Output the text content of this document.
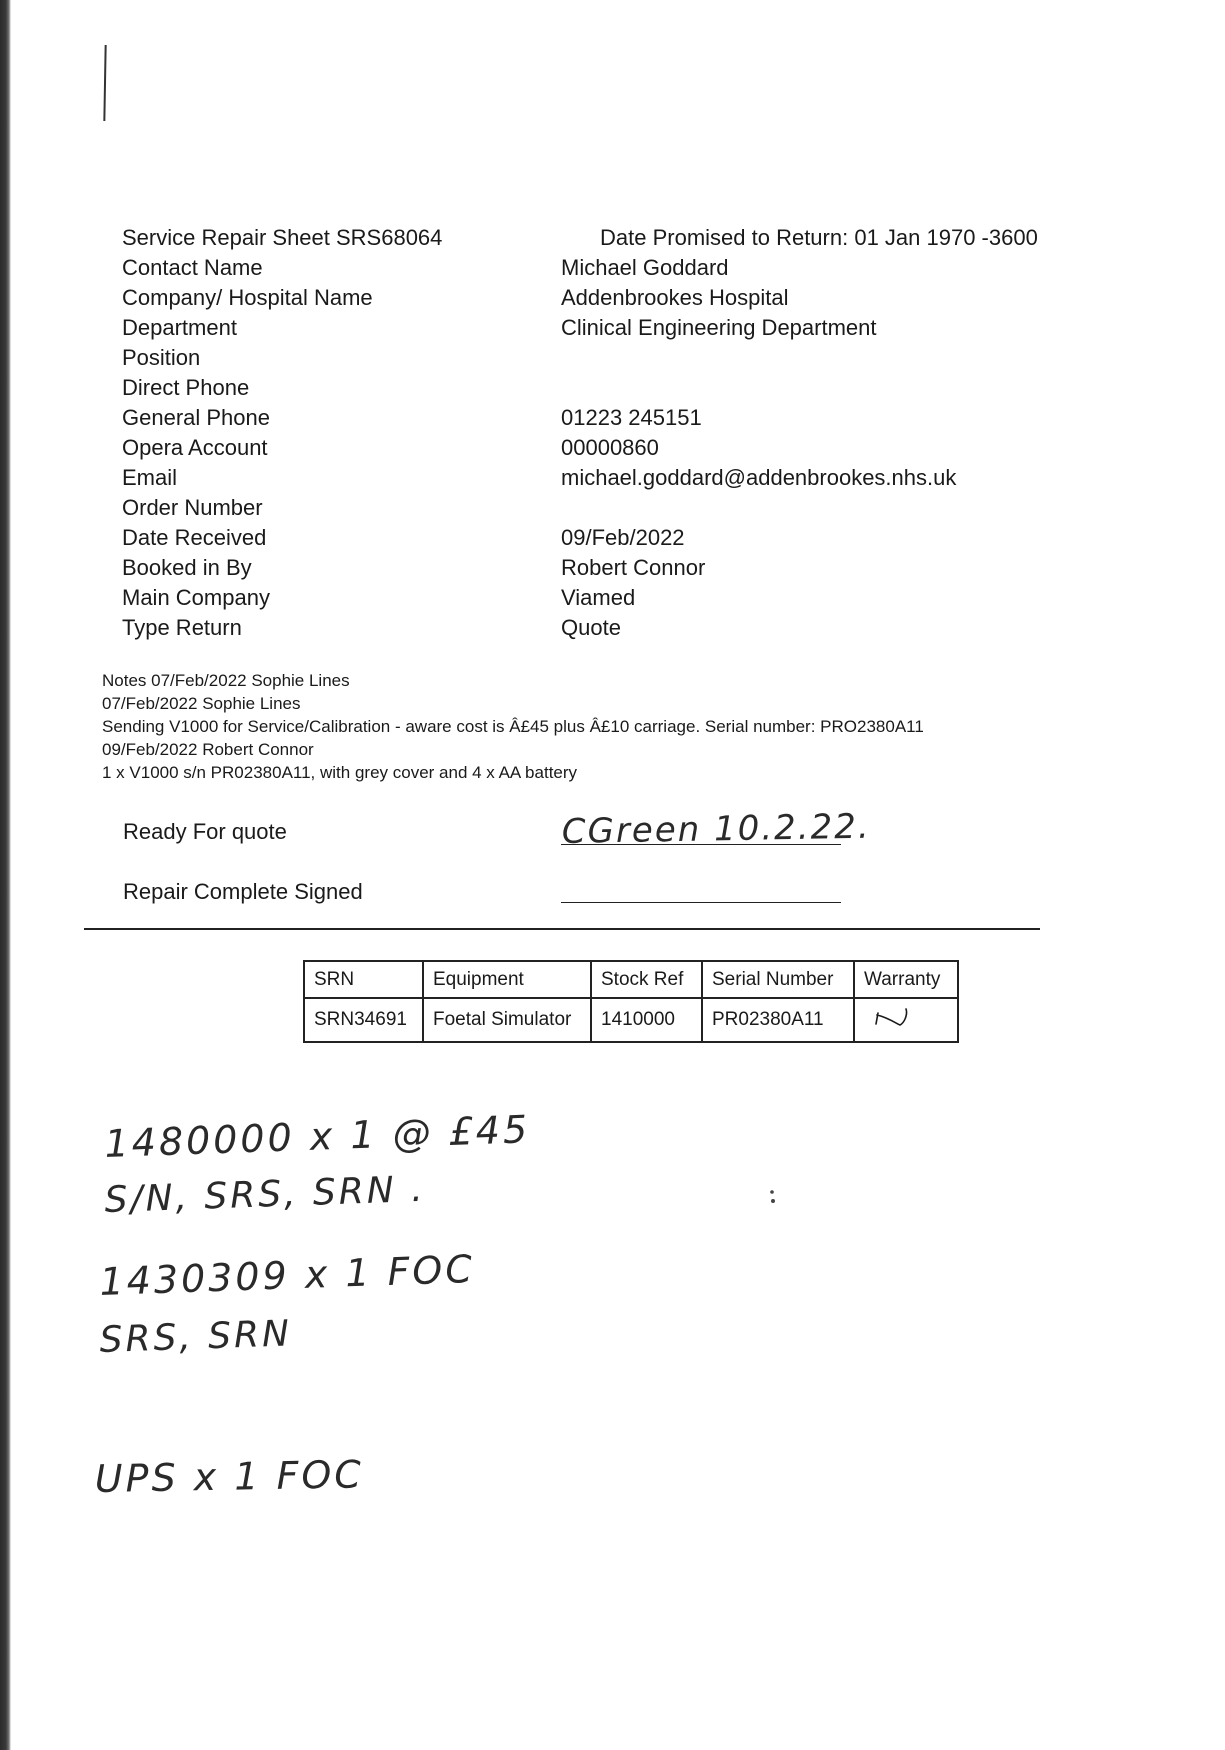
Service Repair Sheet SRS68064	Date Promised to Return: 01 Jan 1970 -3600
Contact Name	Michael Goddard
Company/ Hospital Name	Addenbrookes Hospital
Department	Clinical Engineering Department
Position
Direct Phone
General Phone	01223 245151
Opera Account	00000860
Email	michael.goddard@addenbrookes.nhs.uk
Order Number
Date Received	09/Feb/2022
Booked in By	Robert Connor
Main Company	Viamed
Type Return	Quote
Notes 07/Feb/2022 Sophie Lines
07/Feb/2022 Sophie Lines
Sending V1000 for Service/Calibration - aware cost is Â£45 plus Â£10 carriage. Serial number: PRO2380A11
09/Feb/2022 Robert Connor
1 x V1000 s/n PR02380A11, with grey cover and 4 x AA battery
Ready For quote
Repair Complete Signed
SRN	Equipment	Stock Ref	Serial Number	Warranty
SRN34691	Foetal Simulator	1410000	PR02380A11	
CGreen 10.2.22.
1480000 x 1 @ £45
S/N, SRS, SRN .
1430309 x 1 FOC
SRS, SRN
UPS x 1 FOC
